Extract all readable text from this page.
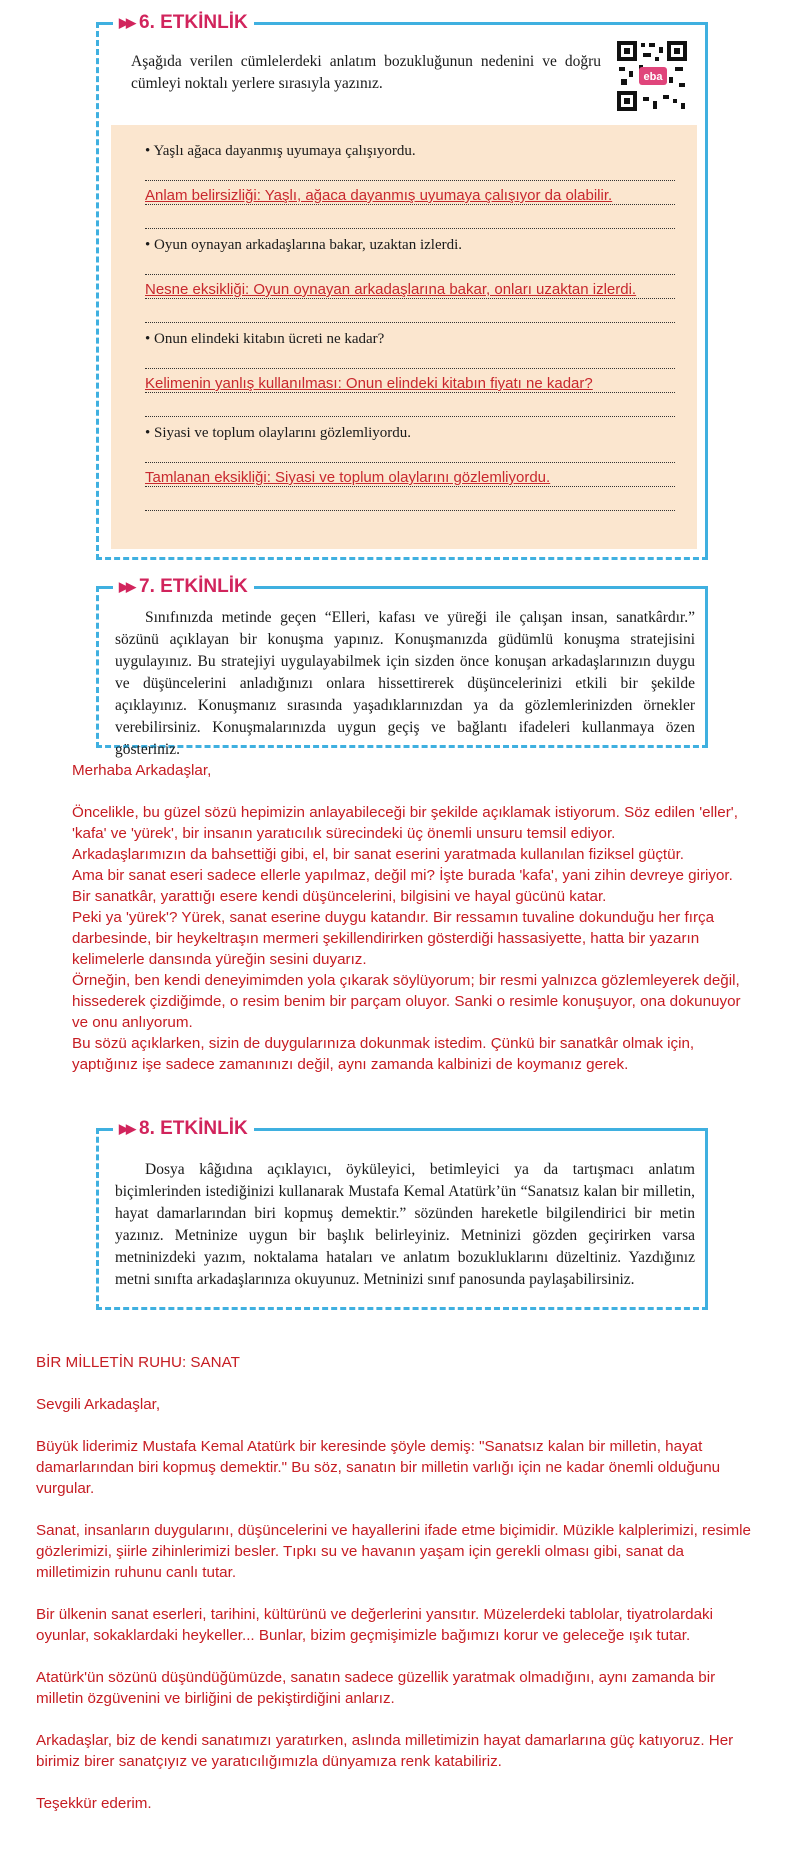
▶▶ 6. ETKİNLİK
Aşağıda verilen cümlelerdeki anlatım bozukluğunun nedenini ve doğru cümleyi noktalı yerlere sırasıyla yazınız.	eba
• Yaşlı ağaca dayanmış uyumaya çalışıyordu.
Anlam belirsizliği: Yaşlı, ağaca dayanmış uyumaya çalışıyor da olabilir.
• Oyun oynayan arkadaşlarına bakar, uzaktan izlerdi.
Nesne eksikliği: Oyun oynayan arkadaşlarına bakar, onları uzaktan izlerdi.
• Onun elindeki kitabın ücreti ne kadar?
Kelimenin yanlış kullanılması: Onun elindeki kitabın fiyatı ne kadar?
• Siyasi ve toplum olaylarını gözlemliyordu.
Tamlanan eksikliği: Siyasi ve toplum olaylarını gözlemliyordu.
▶▶ 7. ETKİNLİK
Sınıfınızda metinde geçen “Elleri, kafası ve yüreği ile çalışan insan, sanatkârdır.” sözünü açıklayan bir konuşma yapınız. Konuşmanızda güdümlü konuşma stratejisini uygulayınız. Bu stratejiyi uygulayabilmek için sizden önce konuşan arkadaşlarınızın duygu ve düşüncelerini anladığınızı onlara hissettirerek düşüncelerinizi etkili bir şekilde açıklayınız. Konuşmanız sırasında yaşadıklarınızdan ya da gözlemlerinizden örnekler verebilirsiniz. Konuşmalarınızda uygun geçiş ve bağlantı ifadeleri kullanmaya özen gösteriniz.

Merhaba Arkadaşlar,

Öncelikle, bu güzel sözü hepimizin anlayabileceği bir şekilde açıklamak istiyorum. Söz edilen 'eller', 'kafa' ve 'yürek', bir insanın yaratıcılık sürecindeki üç önemli unsuru temsil ediyor.

Arkadaşlarımızın da bahsettiği gibi, el, bir sanat eserini yaratmada kullanılan fiziksel güçtür.

Ama bir sanat eseri sadece ellerle yapılmaz, değil mi? İşte burada 'kafa', yani zihin devreye giriyor. Bir sanatkâr, yarattığı esere kendi düşüncelerini, bilgisini ve hayal gücünü katar.

Peki ya 'yürek'? Yürek, sanat eserine duygu katandır. Bir ressamın tuvaline dokunduğu her fırça darbesinde, bir heykeltraşın mermeri şekillendirirken gösterdiği hassasiyette, hatta bir yazarın kelimelerle dansında yüreğin sesini duyarız.

Örneğin, ben kendi deneyimimden yola çıkarak söylüyorum; bir resmi yalnızca gözlemleyerek değil, hissederek çizdiğimde, o resim benim bir parçam oluyor. Sanki o resimle konuşuyor, ona dokunuyor ve onu anlıyorum.

Bu sözü açıklarken, sizin de duygularınıza dokunmak istedim. Çünkü bir sanatkâr olmak için, yaptığınız işe sadece zamanınızı değil, aynı zamanda kalbinizi de koymanız gerek.

▶▶ 8. ETKİNLİK
Dosya kâğıdına açıklayıcı, öyküleyici, betimleyici ya da tartışmacı anlatım biçimlerinden istediğinizi kullanarak Mustafa Kemal Atatürk’ün “Sanatsız kalan bir milletin, hayat damarlarından biri kopmuş demektir.” sözünden hareketle bilgilendirici bir metin yazınız. Metninize uygun bir başlık belirleyiniz. Metninizi gözden geçirirken varsa metninizdeki yazım, noktalama hataları ve anlatım bozukluklarını düzeltiniz. Yazdığınız metni sınıfta arkadaşlarınıza okuyunuz. Metninizi sınıf panosunda paylaşabilirsiniz.

BİR MİLLETİN RUHU: SANAT

Sevgili Arkadaşlar,

Büyük liderimiz Mustafa Kemal Atatürk bir keresinde şöyle demiş: "Sanatsız kalan bir milletin, hayat damarlarından biri kopmuş demektir." Bu söz, sanatın bir milletin varlığı için ne kadar önemli olduğunu vurgular.

Sanat, insanların duygularını, düşüncelerini ve hayallerini ifade etme biçimidir. Müzikle kalplerimizi, resimle gözlerimizi, şiirle zihinlerimizi besler. Tıpkı su ve havanın yaşam için gerekli olması gibi, sanat da milletimizin ruhunu canlı tutar.

Bir ülkenin sanat eserleri, tarihini, kültürünü ve değerlerini yansıtır. Müzelerdeki tablolar, tiyatrolardaki oyunlar, sokaklardaki heykeller... Bunlar, bizim geçmişimizle bağımızı korur ve geleceğe ışık tutar.

Atatürk'ün sözünü düşündüğümüzde, sanatın sadece güzellik yaratmak olmadığını, aynı zamanda bir milletin özgüvenini ve birliğini de pekiştirdiğini anlarız.

Arkadaşlar, biz de kendi sanatımızı yaratırken, aslında milletimizin hayat damarlarına güç katıyoruz. Her birimiz birer sanatçıyız ve yaratıcılığımızla dünyamıza renk katabiliriz.

Teşekkür ederim.
